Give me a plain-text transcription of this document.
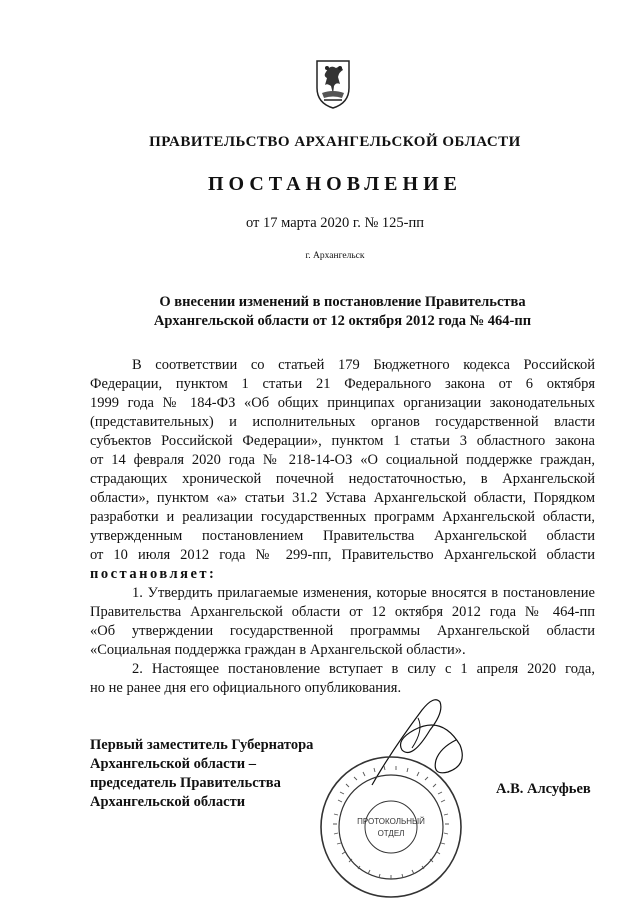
ПРАВИТЕЛЬСТВО АРХАНГЕЛЬСКОЙ ОБЛАСТИ
ПОСТАНОВЛЕНИЕ
от 17 марта 2020 г. № 125-пп
г. Архангельск
О внесении изменений в постановление Правительства
Архангельской области от 12 октября 2012 года № 464-пп
В соответствии со статьей 179 Бюджетного кодекса Российской
Федерации, пунктом 1 статьи 21 Федерального закона от 6 октября
1999 года № 184-ФЗ «Об общих принципах организации законодательных
(представительных) и исполнительных органов государственной власти
субъектов Российской Федерации», пунктом 1 статьи 3 областного закона
от 14 февраля 2020 года № 218-14-ОЗ «О социальной поддержке граждан,
страдающих хронической почечной недостаточностью, в Архангельской
области», пунктом «а» статьи 31.2 Устава Архангельской области, Порядком
разработки и реализации государственных программ Архангельской области,
утвержденным постановлением Правительства Архангельской области
от 10 июля 2012 года № 299-пп, Правительство Архангельской области
постановляет:
1. Утвердить прилагаемые изменения, которые вносятся в постановление
Правительства Архангельской области от 12 октября 2012 года № 464-пп
«Об утверждении государственной программы Архангельской области
«Социальная поддержка граждан в Архангельской области».
2. Настоящее постановление вступает в силу с 1 апреля 2020 года,
но не ранее дня его официального опубликования.
Первый заместитель Губернатора
Архангельской области –
председатель Правительства
Архангельской области
ПРОТОКОЛЬНЫЙ
ОТДЕЛ
А.В. Алсуфьев
